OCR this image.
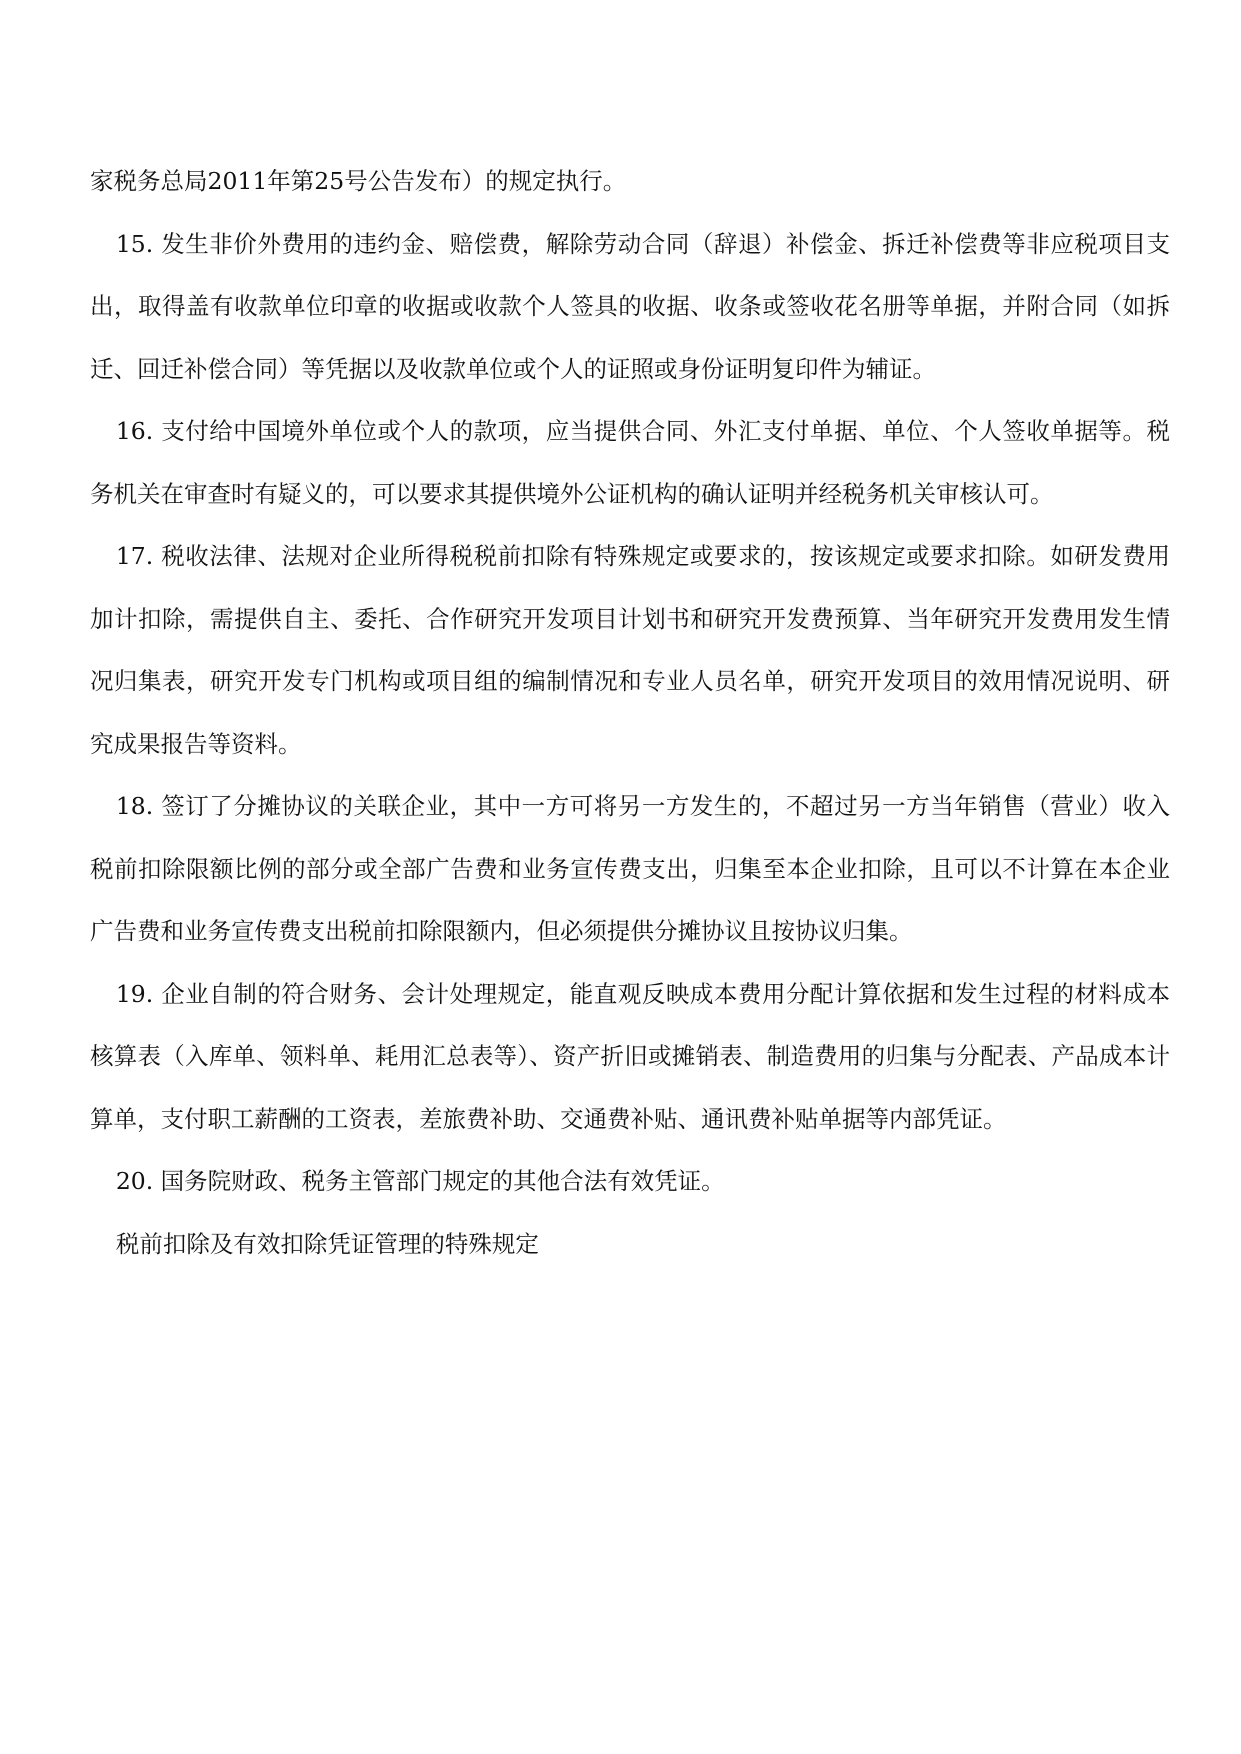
家税务总局2011年第25号公告发布）的规定执行。

15. 发生非价外费用的违约金、赔偿费，解除劳动合同（辞退）补偿金、拆迁补偿费等非应税项目支出，取得盖有收款单位印章的收据或收款个人签具的收据、收条或签收花名册等单据，并附合同（如拆迁、回迁补偿合同）等凭据以及收款单位或个人的证照或身份证明复印件为辅证。

16. 支付给中国境外单位或个人的款项，应当提供合同、外汇支付单据、单位、个人签收单据等。税务机关在审查时有疑义的，可以要求其提供境外公证机构的确认证明并经税务机关审核认可。

17. 税收法律、法规对企业所得税税前扣除有特殊规定或要求的，按该规定或要求扣除。如研发费用加计扣除，需提供自主、委托、合作研究开发项目计划书和研究开发费预算、当年研究开发费用发生情况归集表，研究开发专门机构或项目组的编制情况和专业人员名单，研究开发项目的效用情况说明、研究成果报告等资料。

18. 签订了分摊协议的关联企业，其中一方可将另一方发生的，不超过另一方当年销售（营业）收入税前扣除限额比例的部分或全部广告费和业务宣传费支出，归集至本企业扣除，且可以不计算在本企业广告费和业务宣传费支出税前扣除限额内，但必须提供分摊协议且按协议归集。

19. 企业自制的符合财务、会计处理规定，能直观反映成本费用分配计算依据和发生过程的材料成本核算表（入库单、领料单、耗用汇总表等）、资产折旧或摊销表、制造费用的归集与分配表、产品成本计算单，支付职工薪酬的工资表，差旅费补助、交通费补贴、通讯费补贴单据等内部凭证。

20. 国务院财政、税务主管部门规定的其他合法有效凭证。

税前扣除及有效扣除凭证管理的特殊规定
